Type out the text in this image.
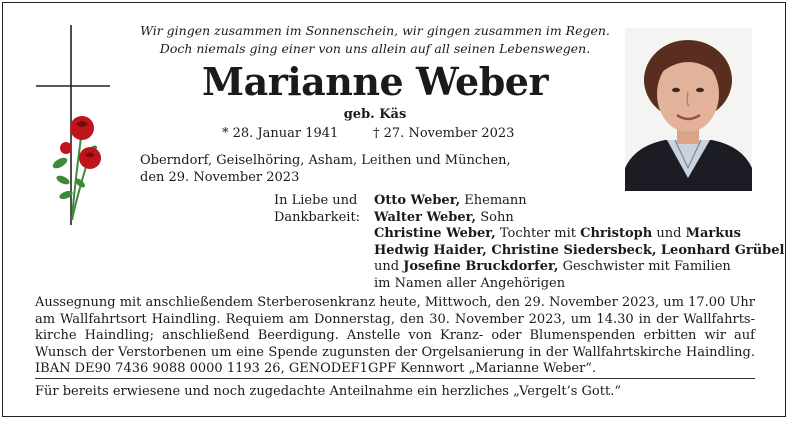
Wir gingen zusammen im Sonnenschein, wir gingen zusammen im Regen.
Doch niemals ging einer von uns allein auf all seinen Lebenswegen.
Marianne Weber
geb. Käs
* 28. Januar 1941	† 27. November 2023
Oberndorf, Geiselhöring, Asham, Leithen und München,
den 29. November 2023
In Liebe und
Dankbarkeit:
Otto Weber, Ehemann
Walter Weber, Sohn
Christine Weber, Tochter mit Christoph und Markus
Hedwig Haider, Christine Siedersbeck, Leonhard Grübel
und Josefine Bruckdorfer, Geschwister mit Familien
im Namen aller Angehörigen
Aussegnung mit anschließendem Sterberosenkranz heute, Mittwoch, den 29. November 2023, um 17.00 Uhr
am Wallfahrtsort Haindling. Requiem am Donnerstag, den 30. November 2023, um 14.30 in der Wallfahrts-
kirche Haindling; anschließend Beerdigung. Anstelle von Kranz- oder Blumenspenden erbitten wir auf
Wunsch der Verstorbenen um eine Spende zugunsten der Orgelsanierung in der Wallfahrtskirche Haindling.
IBAN DE90 7436 9088 0000 1193 26, GENODEF1GPF Kennwort „Marianne Weber“.
Für bereits erwiesene und noch zugedachte Anteilnahme ein herzliches „Vergelt’s Gott.“
